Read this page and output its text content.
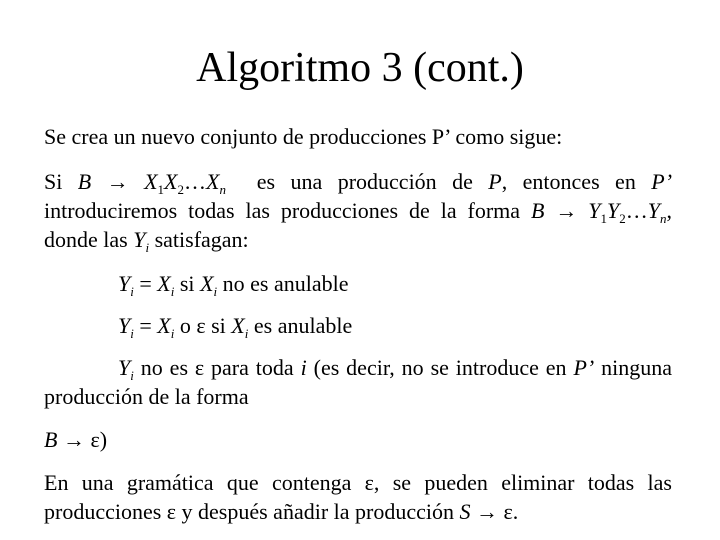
Algoritmo 3 (cont.)
Se crea un nuevo conjunto de producciones P’ como sigue:
Si $B \to X_1X_2\dots X_n$ es una producción de P, entonces en P’ introduciremos todas las producciones de la forma $B \to Y_1Y_2\dots Y_n$, donde las $Y_i$ satisfagan:
$Y_i = X_i$ si $X_i$ no es anulable
$Y_i = X_i$ o ε si $X_i$ es anulable
$Y_i$ no es ε para toda i (es decir, no se introduce en P’ ninguna producción de la forma
B → ε)
En una gramática que contenga ε, se pueden eliminar todas las producciones ε y después añadir la producción S → ε.
